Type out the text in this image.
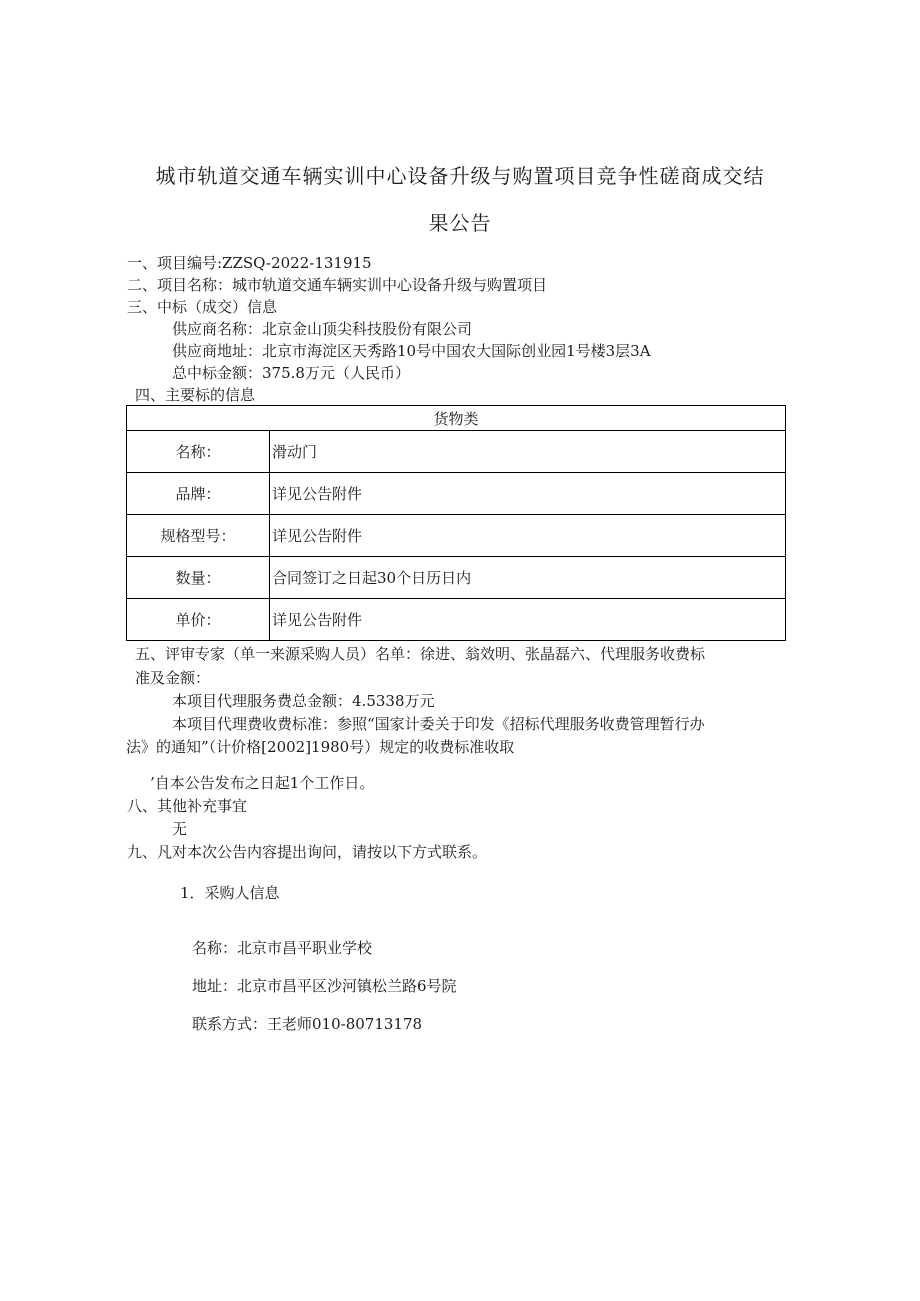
城市轨道交通车辆实训中心设备升级与购置项目竞争性磋商成交结
果公告
一、项目编号:ZZSQ-2022-131915
二、项目名称：城市轨道交通车辆实训中心设备升级与购置项目
三、中标（成交）信息
供应商名称：北京金山顶尖科技股份有限公司
供应商地址：北京市海淀区天秀路10号中国农大国际创业园1号楼3层3A
总中标金额：375.8万元（人民币）
四、主要标的信息
货物类	
名称：	滑动门
品牌：	详见公告附件
规格型号：	详见公告附件
数量：	合同签订之日起30个日历日内
单价：	详见公告附件
五、评审专家（单一来源采购人员）名单：徐进、翁效明、张晶磊六、代理服务收费标
准及金额：
本项目代理服务费总金额：4.5338万元
本项目代理费收费标准：参照“国家计委关于印发《招标代理服务收费管理暂行办
法》的通知”（计价格[2002]1980号）规定的收费标准收取
’自本公告发布之日起1个工作日。
八、其他补充事宜
无
九、凡对本次公告内容提出询问，请按以下方式联系。
1．采购人信息
名称：北京市昌平职业学校
地址：北京市昌平区沙河镇松兰路6号院
联系方式：王老师010-80713178
